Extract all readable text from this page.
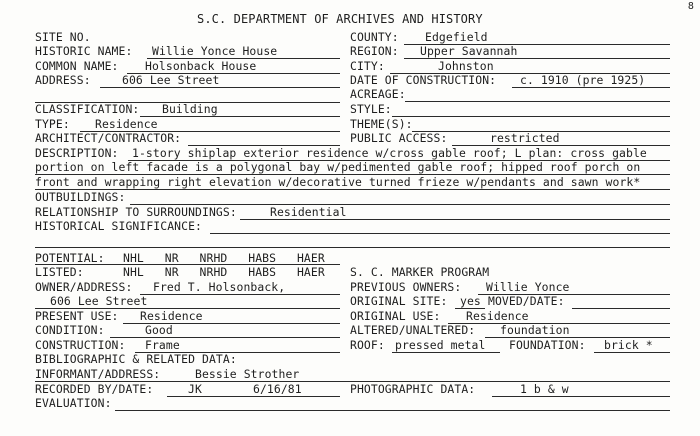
8
S.C. DEPARTMENT OF ARCHIVES AND HISTORY
SITE NO.	COUNTY: Edgefield
HISTORIC NAME: Willie Yonce House	REGION: Upper Savannah
COMMON NAME: Holsonback House	CITY:	Johnston
ADDRESS:	606 Lee Street	DATE OF CONSTRUCTION: c. 1910 (pre 1925)
ACREAGE:
CLASSIFICATION: Building	STYLE:
TYPE: Residence	THEME(S):
ARCHITECT/CONTRACTOR:	PUBLIC ACCESS:	restricted
DESCRIPTION: 1-story shiplap exterior residence w/cross gable roof; L plan: cross gable
portion on left facade is a polygonal bay w/pedimented gable roof; hipped roof porch on
front and wrapping right elevation w/decorative turned frieze w/pendants and sawn work*
OUTBUILDINGS:
RELATIONSHIP TO SURROUNDINGS:	Residential
HISTORICAL SIGNIFICANCE:
POTENTIAL: NHL   NR   NRHD   HABS   HAER
LISTED:	NHL   NR   NRHD   HABS   HAER S. C. MARKER PROGRAM
OWNER/ADDRESS: Fred T. Holsonback,	PREVIOUS OWNERS: Willie Yonce
606 Lee Street	ORIGINAL SITE: yes MOVED/DATE:
PRESENT USE: Residence	ORIGINAL USE: Residence
CONDITION:	Good	ALTERED/UNALTERED: foundation
CONSTRUCTION: Frame	ROOF: pressed metal FOUNDATION: brick *
BIBLIOGRAPHIC & RELATED DATA:
INFORMANT/ADDRESS:	Bessie Strother
RECORDED BY/DATE:	JK	6/16/81	PHOTOGRAPHIC DATA:	1 b & w
EVALUATION:
